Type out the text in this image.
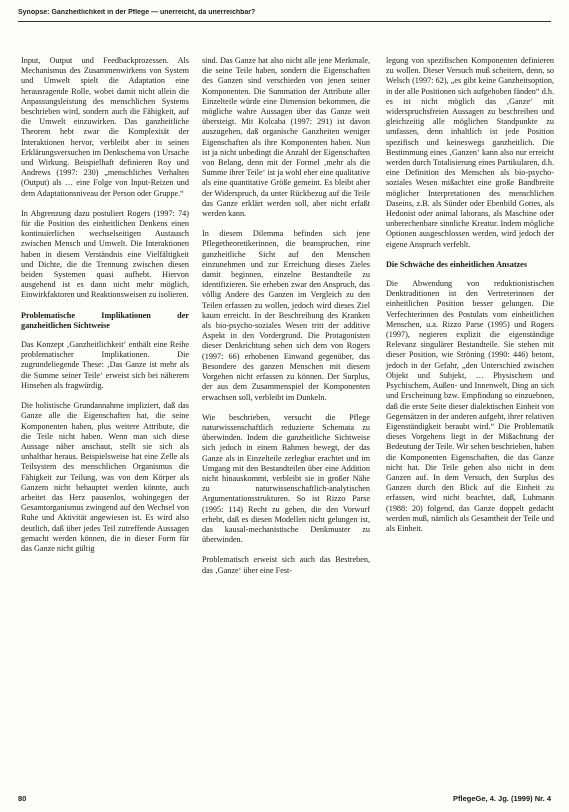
Synopse: Ganzheitlichkeit in der Pflege — unerreicht, da unerreichbar?

Input, Output und Feedbackprozessen. Als Mechanismus des Zusammenwirkens von System und Umwelt spielt die Adaptation eine herausragende Rolle, wobei damit nicht allein die Anpassungsleistung des menschlichen Systems beschrieben wird, sondern auch die Fähigkeit, auf die Umwelt einzuwirken. Das ganzheitliche Theorem hebt zwar die Komplexität der Interaktionen hervor, verbleibt aber in seinen Erklärungsversuchen im Denkschema von Ursache und Wirkung. Beispielhaft definieren Roy und Andrews (1997: 230) „menschliches Verhalten (Output) als … eine Folge von Input-Reizen und dem Adaptationsniveau der Person oder Gruppe.“

In Abgrenzung dazu postuliert Rogers (1997: 74) für die Position des einheitlichen Denkens einen kontinuierlichen wechselseitigen Austausch zwischen Mensch und Umwelt. Die Interaktionen haben in diesem Verständnis eine Vielfältigkeit und Dichte, die die Trennung zwischen diesen beiden Systemen quasi aufhebt. Hiervon ausgehend ist es dann nicht mehr möglich, Einwirkfaktoren und Reaktionsweisen zu isolieren.

Problematische Implikationen der ganzheitlichen Sichtweise

Das Konzept ‚Ganzheitlichkeit‘ enthält eine Reihe problematischer Implikationen. Die zugrundeliegende These: ‚Das Ganze ist mehr als die Summe seiner Teile‘ erweist sich bei näherem Hinsehen als fragwürdig.

Die holistische Grundannahme impliziert, daß das Ganze alle die Eigenschaften hat, die seine Komponenten haben, plus weitere Attribute, die die Teile nicht haben. Wenn man sich diese Aussage näher anschaut, stellt sie sich als unhaltbar heraus. Beispielsweise hat eine Zelle als Teilsystem des menschlichen Organismus die Fähigkeit zur Teilung, was von dem Körper als Ganzem nicht behauptet werden könnte, auch arbeitet das Herz pausenlos, wohingegen der Gesamtorganismus zwingend auf den Wechsel von Ruhe und Aktivität angewiesen ist. Es wird also deutlich, daß über jedes Teil zutreffende Aussagen gemacht werden können, die in dieser Form für das Ganze nicht gültig

sind. Das Ganze hat also nicht alle jene Merkmale, die seine Teile haben, sondern die Eigenschaften des Ganzen sind verschieden von jenen seiner Komponenten. Die Summation der Attribute aller Einzelteile würde eine Dimension bekommen, die mögliche wahre Aussagen über das Ganze weit übersteigt. Mit Kolcaba (1997: 291) ist davon auszugehen, daß organische Ganzheiten weniger Eigenschaften als ihre Komponenten haben. Nun ist ja nicht unbedingt die Anzahl der Eigenschaften von Belang, denn mit der Formel ‚mehr als die Summe ihrer Teile‘ ist ja wohl eher eine qualitative als eine quantitative Größe gemeint. Es bleibt aber der Widerspruch, da unter Rückbezug auf die Teile das Ganze erklärt werden soll, aber nicht erfaßt werden kann.

In diesem Dilemma befinden sich jene Pflegetheoretikerinnen, die beanspruchen, eine ganzheitliche Sicht auf den Menschen einzunehmen und zur Erreichung dieses Zieles damit beginnen, einzelne Bestandteile zu identifizieren. Sie erheben zwar den Anspruch, das völlig Andere des Ganzen im Vergleich zu den Teilen erfassen zu wollen, jedoch wird dieses Ziel kaum erreicht. In der Beschreibung des Kranken als bio-psycho-soziales Wesen tritt der additive Aspekt in den Vordergrund. Die Protagonisten dieser Denkrichtung sehen sich dem von Rogers (1997: 66) erhobenen Einwand gegenüber, das Besondere des ganzen Menschen mit diesem Vorgehen nicht erfassen zu können. Der Surplus, der aus dem Zusammenspiel der Komponenten erwachsen soll, verbleibt im Dunkeln.

Wie beschrieben, versucht die Pflege naturwissenschaftlich reduzierte Schemata zu überwinden. Indem die ganzheitliche Sichtweise sich jedoch in einem Rahmen bewegt, der das Ganze als in Einzelteile zerlegbar erachtet und im Umgang mit den Bestandteilen über eine Addition nicht hinauskommt, verbleibt sie in großer Nähe zu naturwissenschaftlich-analytischen Argumentationsstrukturen. So ist Rizzo Parse (1995: 114) Recht zu geben, die den Vorwurf erhebt, daß es diesen Modellen nicht gelungen ist, das kausal-mechanistische Denkmuster zu überwinden.

Problematisch erweist sich auch das Bestreben, das ‚Ganze‘ über eine Fest-

legung von spezifischen Komponenten definieren zu wollen. Dieser Versuch muß scheitern, denn, so Welsch (1997: 62), „es gibt keine Ganzheitsoption, in der alle Positionen sich aufgehoben fänden“ d.h. es ist nicht möglich das ‚Ganze‘ mit widerspruchsfreien Aussagen zu beschreiben und gleichzeitig alle möglichen Standpunkte zu umfassen, denn inhaltlich ist jede Position spezifisch und keineswegs ganzheitlich. Die Bestimmung eines ‚Ganzen‘ kann also nur erreicht werden durch Totalisierung eines Partikularen, d.h. eine Definition des Menschen als bio-psycho-soziales Wesen mißachtet eine große Bandbreite möglicher Interpretationen des menschlichen Daseins, z.B. als Sünder oder Ebenbild Gottes, als Hedonist oder animal laborans, als Maschine oder unberechenbare sinnliche Kreatur. Indem mögliche Optionen ausgeschlossen werden, wird jedoch der eigene Anspruch verfehlt.

Die Schwäche des einheitlichen Ansatzes

Die Abwendung von reduktionistischen Denktraditionen ist den Vertreterinnen der einheitlichen Position besser gelungen. Die Verfechterinnen des Postulats vom einheitlichen Menschen, u.a. Rizzo Parse (1995) und Rogers (1997), negieren explizit die eigenständige Relevanz singulärer Bestandteile. Sie stehen mit dieser Position, wie Ströning (1990: 446) betont, jedoch in der Gefahr, „den Unterschied zwischen Objekt und Subjekt, … Physischem und Psychischem, Außen- und Innenwelt, Ding an sich und Erscheinung bzw. Empfindung so einzuebnen, daß die erste Seite dieser dialektischen Einheit von Gegensätzen in der anderen aufgeht, ihrer relativen Eigenständigkeit beraubt wird.“ Die Problematik dieses Vorgehens liegt in der Mißachtung der Bedeutung der Teile. Wir sehen beschrieben, haben die Komponenten Eigenschaften, die das Ganze nicht hat. Die Teile gehen also nicht in dem Ganzen auf. In dem Versuch, den Surplus des Ganzen durch den Blick auf die Einheit zu erfassen, wird nicht beachtet, daß, Luhmann (1988: 20) folgend, das Ganze doppelt gedacht werden muß, nämlich als Gesamtheit der Teile und als Einheit.

80	PflegeGe, 4. Jg. (1999) Nr. 4
